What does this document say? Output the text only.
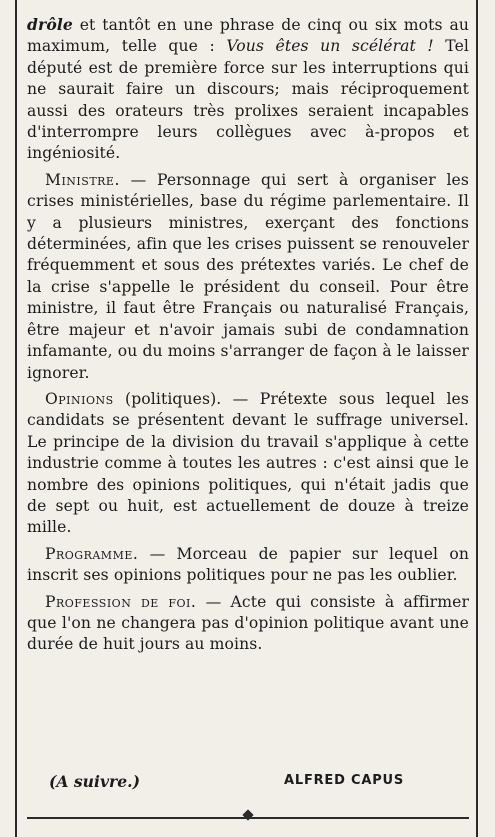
drôle et tantôt en une phrase de cinq ou six mots au maximum, telle que : Vous êtes un scélérat ! Tel député est de première force sur les interruptions qui ne saurait faire un discours; mais réciproquement aussi des orateurs très prolixes seraient incapables d'interrompre leurs collègues avec à-propos et ingéniosité.

Ministre. — Personnage qui sert à organiser les crises ministérielles, base du régime parlementaire. Il y a plusieurs ministres, exerçant des fonctions déterminées, afin que les crises puissent se renouveler fréquemment et sous des prétextes variés. Le chef de la crise s'appelle le président du conseil. Pour être ministre, il faut être Français ou naturalisé Français, être majeur et n'avoir jamais subi de condamnation infamante, ou du moins s'arranger de façon à le laisser ignorer.

Opinions (politiques). — Prétexte sous lequel les candidats se présentent devant le suffrage universel. Le principe de la division du travail s'applique à cette industrie comme à toutes les autres : c'est ainsi que le nombre des opinions politiques, qui n'était jadis que de sept ou huit, est actuellement de douze à treize mille.

Programme. — Morceau de papier sur lequel on inscrit ses opinions politiques pour ne pas les oublier.

Profession de foi. — Acte qui consiste à affirmer que l'on ne changera pas d'opinion politique avant une durée de huit jours au moins.

(A suivre.)	ALFRED CAPUS
